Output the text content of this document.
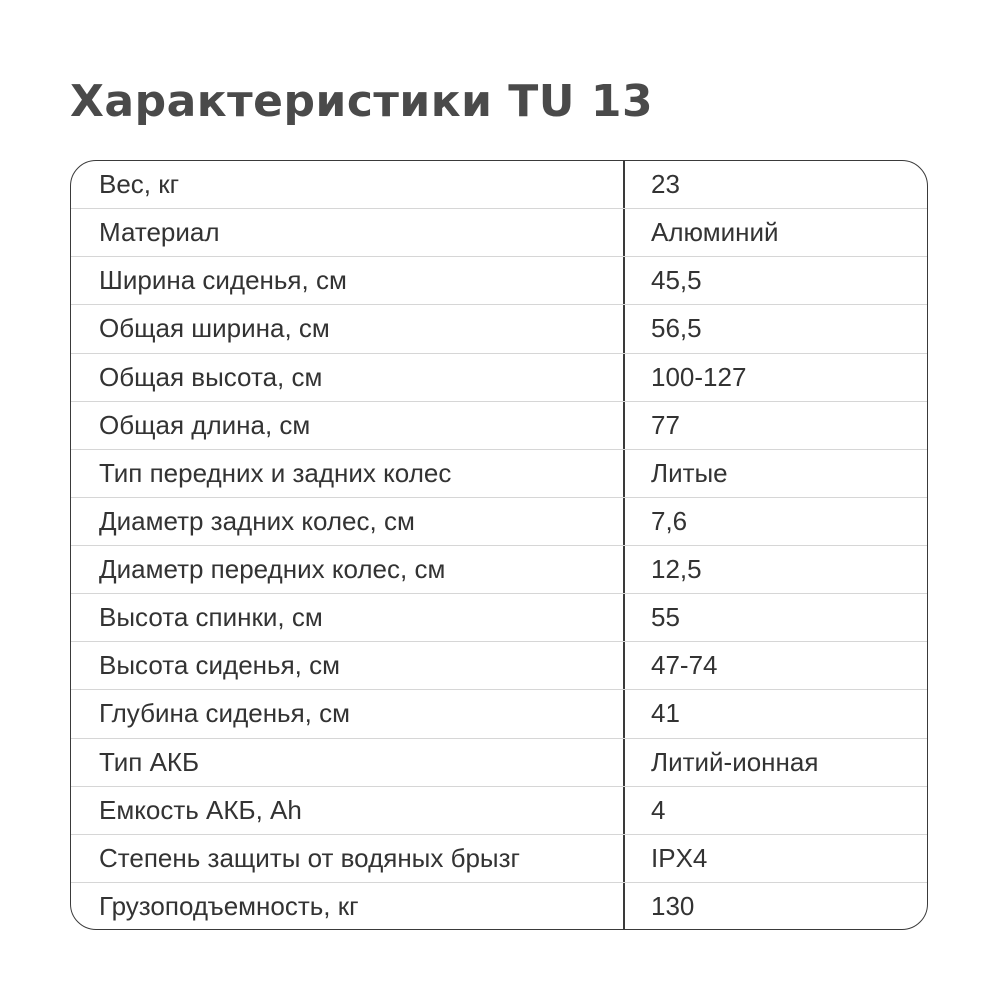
Характеристики TU 13
Вес, кг	23
Материал	Алюминий
Ширина сиденья, см	45,5
Общая ширина, см	56,5
Общая высота, см	100-127
Общая длина, см	77
Тип передних и задних колес	Литые
Диаметр задних колес, см	7,6
Диаметр передних колес, см	12,5
Высота спинки, см	55
Высота сиденья, см	47-74
Глубина сиденья, см	41
Тип АКБ	Литий-ионная
Емкость АКБ, Ah	4
Степень защиты от водяных брызг	IPX4
Грузоподъемность, кг	130
